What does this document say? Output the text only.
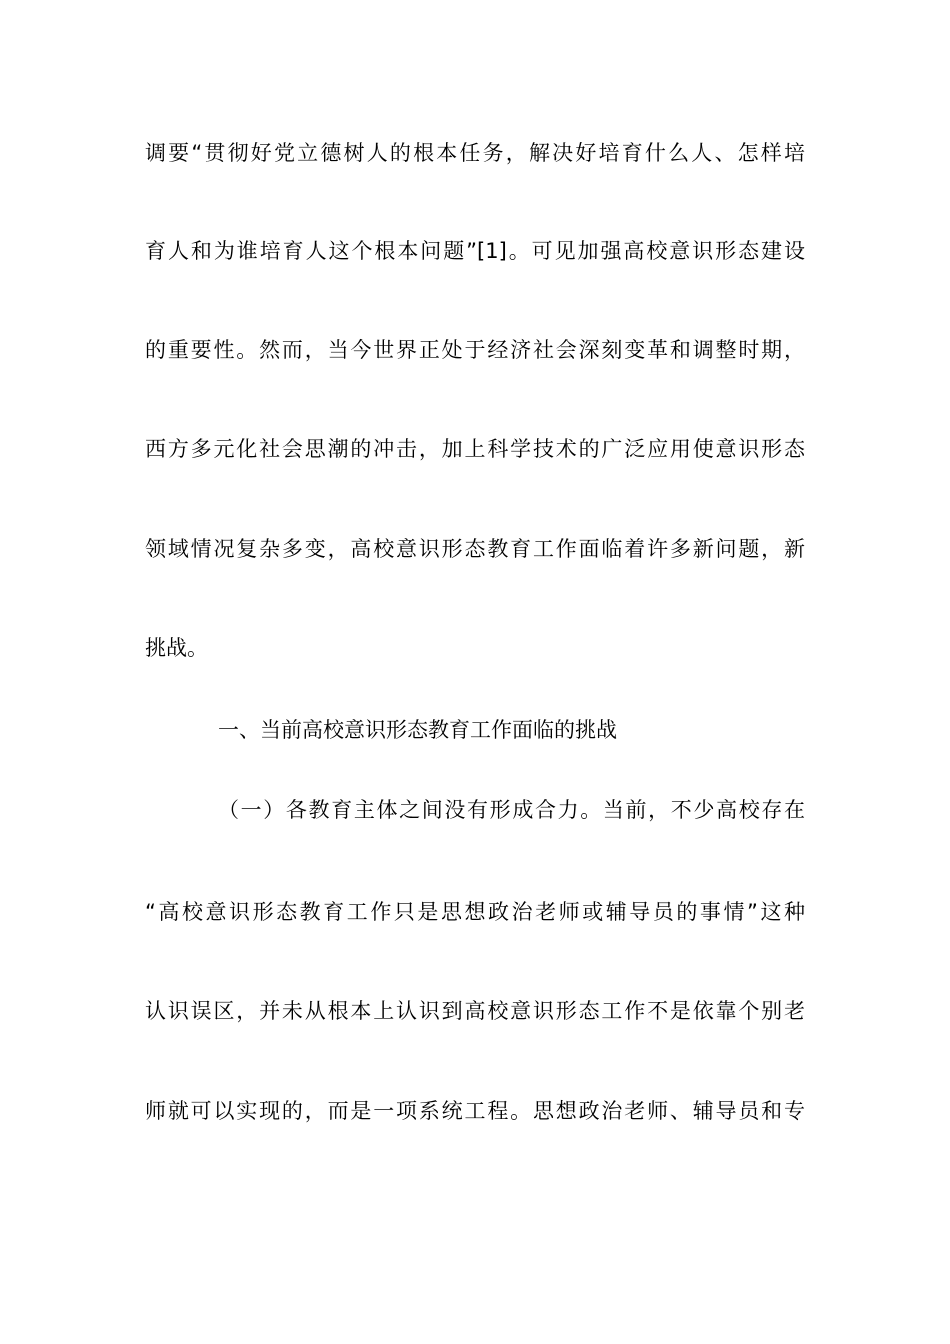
调要“贯彻好党立德树人的根本任务，解决好培育什么人、怎样培
育人和为谁培育人这个根本问题”[1]。可见加强高校意识形态建设
的重要性。然而，当今世界正处于经济社会深刻变革和调整时期，
西方多元化社会思潮的冲击，加上科学技术的广泛应用使意识形态
领域情况复杂多变，高校意识形态教育工作面临着许多新问题，新
挑战。
一、当前高校意识形态教育工作面临的挑战
（一）各教育主体之间没有形成合力。当前，不少高校存在
“高校意识形态教育工作只是思想政治老师或辅导员的事情”这种
认识误区，并未从根本上认识到高校意识形态工作不是依靠个别老
师就可以实现的，而是一项系统工程。思想政治老师、辅导员和专
